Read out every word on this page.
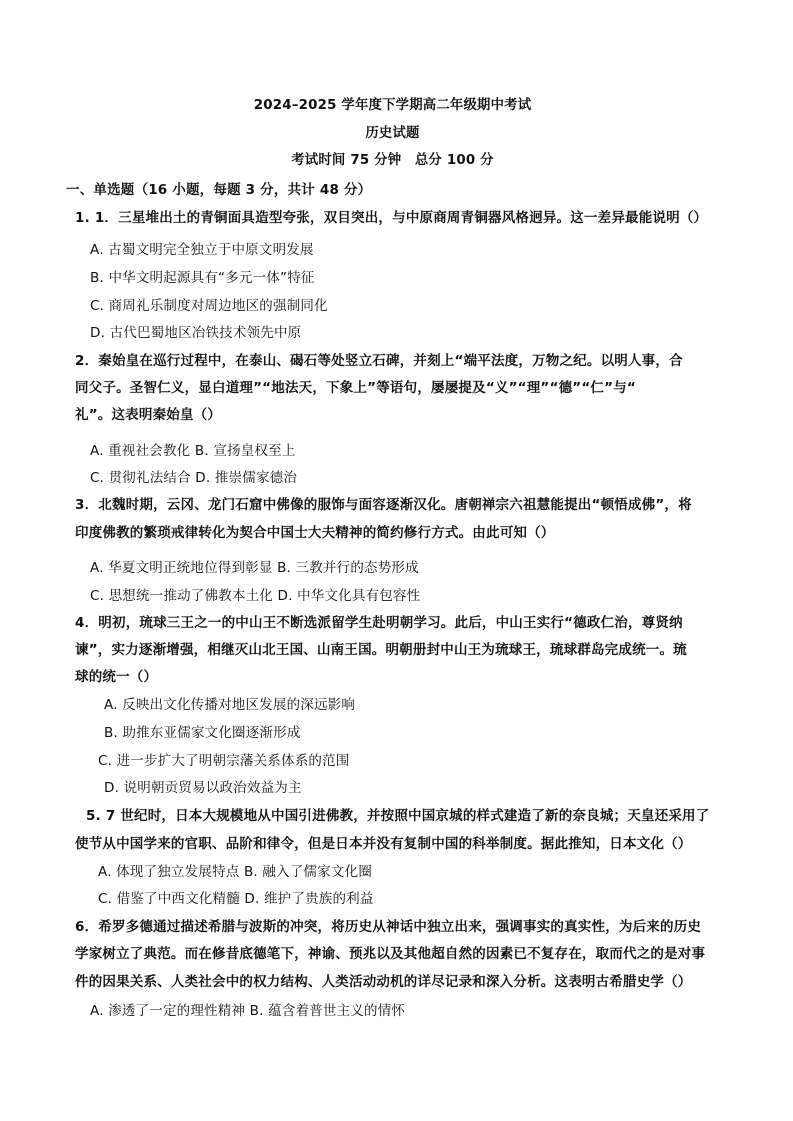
2024–2025 学年度下学期高二年级期中考试
历史试题
考试时间 75 分钟　总分 100 分
一、单选题（16 小题，每题 3 分，共计 48 分）
1. 1．三星堆出土的青铜面具造型夸张，双目突出，与中原商周青铜器风格迥异。这一差异最能说明（）
A. 古蜀文明完全独立于中原文明发展
B. 中华文明起源具有“多元一体”特征
C. 商周礼乐制度对周边地区的强制同化
D. 古代巴蜀地区冶铁技术领先中原
2．秦始皇在巡行过程中，在泰山、碣石等处竖立石碑，并刻上“端平法度，万物之纪。以明人事，合
同父子。圣智仁义，显白道理”“地法天，下象上”等语句，屡屡提及“义”“理”“德”“仁”与“
礼”。这表明秦始皇（）
A. 重视社会教化 B. 宣扬皇权至上
C. 贯彻礼法结合 D. 推崇儒家德治
3．北魏时期，云冈、龙门石窟中佛像的服饰与面容逐渐汉化。唐朝禅宗六祖慧能提出“顿悟成佛”，将
印度佛教的繁琐戒律转化为契合中国士大夫精神的简约修行方式。由此可知（）
A. 华夏文明正统地位得到彰显 B. 三教并行的态势形成
C. 思想统一推动了佛教本土化 D. 中华文化具有包容性
4．明初，琉球三王之一的中山王不断选派留学生赴明朝学习。此后，中山王实行“德政仁治，尊贤纳
谏”，实力逐渐增强，相继灭山北王国、山南王国。明朝册封中山王为琉球王，琉球群岛完成统一。琉
球的统一（）
A. 反映出文化传播对地区发展的深远影响
B. 助推东亚儒家文化圈逐渐形成
C. 进一步扩大了明朝宗藩关系体系的范围
D. 说明朝贡贸易以政治效益为主
5. 7 世纪时，日本大规模地从中国引进佛教，并按照中国京城的样式建造了新的奈良城；天皇还采用了
使节从中国学来的官职、品阶和律令，但是日本并没有复制中国的科举制度。据此推知，日本文化（）
A. 体现了独立发展特点 B. 融入了儒家文化圈
C. 借鉴了中西文化精髓 D. 维护了贵族的利益
6．希罗多德通过描述希腊与波斯的冲突，将历史从神话中独立出来，强调事实的真实性，为后来的历史
学家树立了典范。而在修昔底德笔下，神谕、预兆以及其他超自然的因素已不复存在，取而代之的是对事
件的因果关系、人类社会中的权力结构、人类活动动机的详尽记录和深入分析。这表明古希腊史学（）
A. 渗透了一定的理性精神 B. 蕴含着普世主义的情怀
